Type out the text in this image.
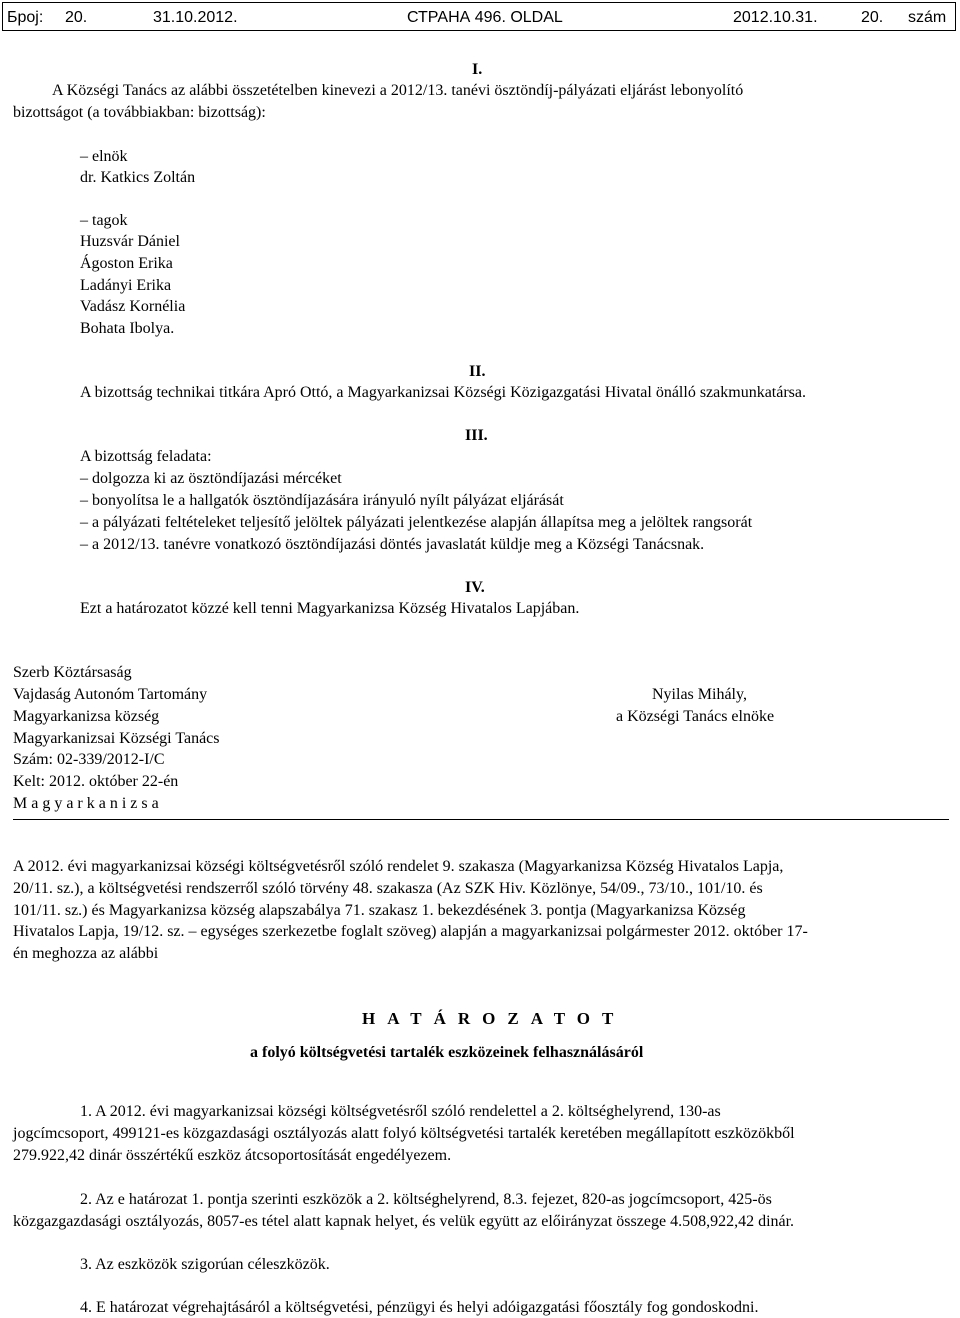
Број: 20.	31.10.2012.	СТРАНА 496. OLDAL	2012.10.31.	20. szám
I.
A Községi Tanács az alábbi összetételben kinevezi a 2012/13. tanévi ösztöndíj-pályázati eljárást lebonyolító
bizottságot (a továbbiakban: bizottság):
– elnök
dr. Katkics Zoltán
– tagok
Huzsvár Dániel
Ágoston Erika
Ladányi Erika
Vadász Kornélia
Bohata Ibolya.
II.
A bizottság technikai titkára Apró Ottó, a Magyarkanizsai Községi Közigazgatási Hivatal önálló szakmunkatársa.
III.
A bizottság feladata:
– dolgozza ki az ösztöndíjazási mércéket
– bonyolítsa le a hallgatók ösztöndíjazására irányuló nyílt pályázat eljárását
– a pályázati feltételeket teljesítő jelöltek pályázati jelentkezése alapján állapítsa meg a jelöltek rangsorát
– a 2012/13. tanévre vonatkozó ösztöndíjazási döntés javaslatát küldje meg a Községi Tanácsnak.
IV.
Ezt a határozatot közzé kell tenni Magyarkanizsa Község Hivatalos Lapjában.
Szerb Köztársaság
Vajdaság Autonóm Tartomány
Magyarkanizsa község
Magyarkanizsai Községi Tanács
Szám: 02-339/2012-I/C
Kelt: 2012. október 22-én
Magyarkanizsa
Nyilas Mihály,
a Községi Tanács elnöke
A 2012. évi magyarkanizsai községi költségvetésről szóló rendelet 9. szakasza (Magyarkanizsa Község Hivatalos Lapja,
20/11. sz.), a költségvetési rendszerről szóló törvény 48. szakasza (Az SZK Hiv. Közlönye, 54/09., 73/10., 101/10. és
101/11. sz.) és Magyarkanizsa község alapszabálya 71. szakasz 1. bekezdésének 3. pontja (Magyarkanizsa Község
Hivatalos Lapja, 19/12. sz. – egységes szerkezetbe foglalt szöveg) alapján a magyarkanizsai polgármester 2012. október 17-
én meghozza az alábbi
HATÁROZATOT
a folyó költségvetési tartalék eszközeinek felhasználásáról
1. A 2012. évi magyarkanizsai községi költségvetésről szóló rendelettel a 2. költséghelyrend, 130-as
jogcímcsoport, 499121-es közgazdasági osztályozás alatt folyó költségvetési tartalék keretében megállapított eszközökből
279.922,42 dinár összértékű eszköz átcsoportosítását engedélyezem.
2. Az e határozat 1. pontja szerinti eszközök a 2. költséghelyrend, 8.3. fejezet, 820-as jogcímcsoport, 425-ös
közgazgazdasági osztályozás, 8057-es tétel alatt kapnak helyet, és velük együtt az előirányzat összege 4.508,922,42 dinár.
3. Az eszközök szigorúan céleszközök.
4. E határozat végrehajtásáról a költségvetési, pénzügyi és helyi adóigazgatási főosztály fog gondoskodni.
